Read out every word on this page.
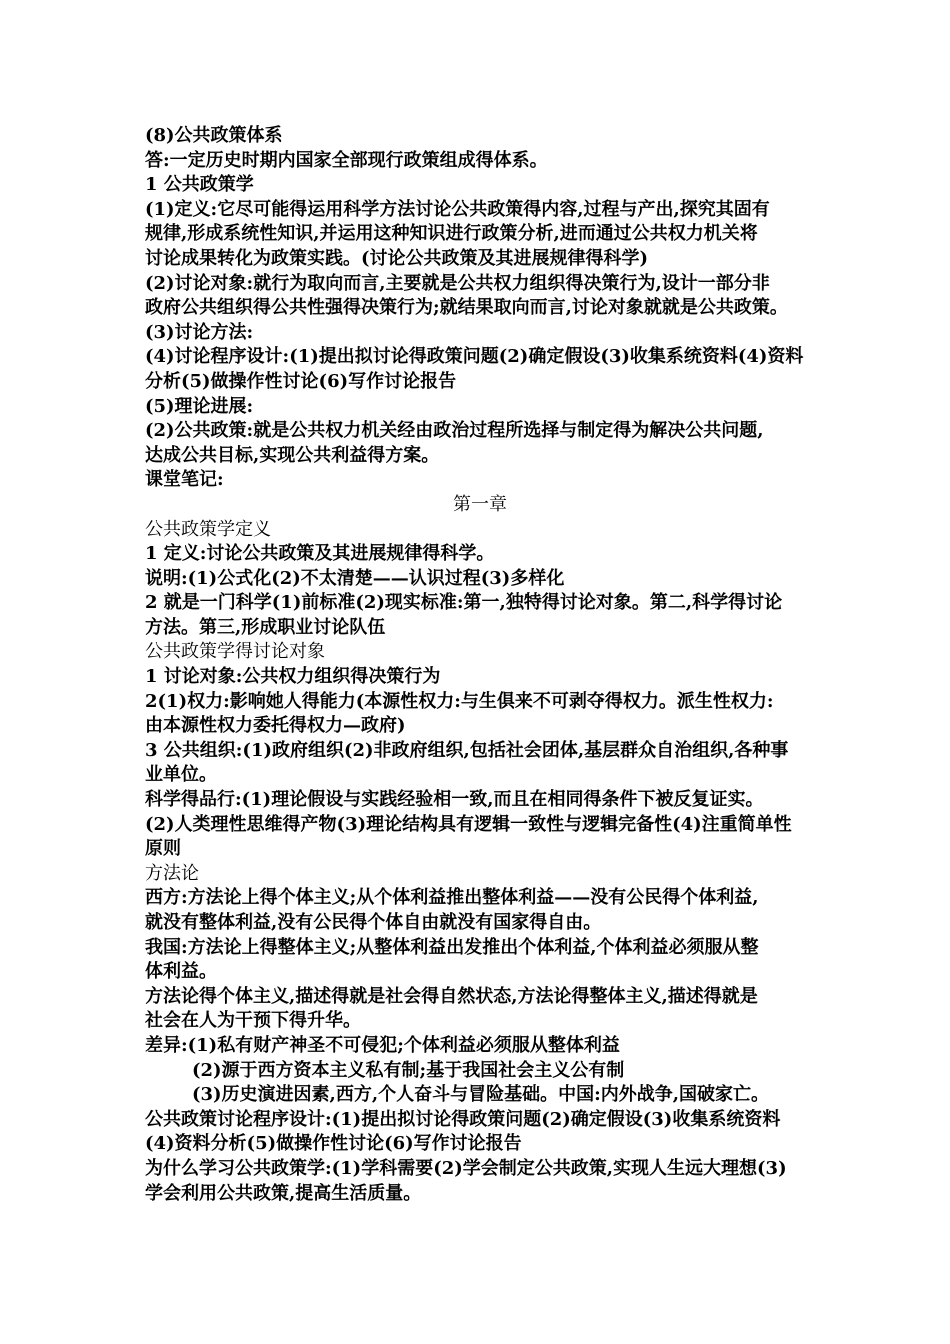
(8)公共政策体系
答:一定历史时期内国家全部现行政策组成得体系。
1 公共政策学
(1)定义:它尽可能得运用科学方法讨论公共政策得内容,过程与产出,探究其固有
规律,形成系统性知识,并运用这种知识进行政策分析,进而通过公共权力机关将
讨论成果转化为政策实践。(讨论公共政策及其进展规律得科学)
(2)讨论对象:就行为取向而言,主要就是公共权力组织得决策行为,设计一部分非
政府公共组织得公共性强得决策行为;就结果取向而言,讨论对象就就是公共政策。
(3)讨论方法:
(4)讨论程序设计:(1)提出拟讨论得政策问题(2)确定假设(3)收集系统资料(4)资料
分析(5)做操作性讨论(6)写作讨论报告
(5)理论进展:
(2)公共政策:就是公共权力机关经由政治过程所选择与制定得为解决公共问题,
达成公共目标,实现公共利益得方案。
课堂笔记:
第一章
公共政策学定义
1 定义:讨论公共政策及其进展规律得科学。
说明:(1)公式化(2)不太清楚——认识过程(3)多样化
2 就是一门科学(1)前标准(2)现实标准:第一,独特得讨论对象。第二,科学得讨论
方法。第三,形成职业讨论队伍
公共政策学得讨论对象
1 讨论对象:公共权力组织得决策行为
2(1)权力:影响她人得能力(本源性权力:与生俱来不可剥夺得权力。派生性权力:
由本源性权力委托得权力—政府)
3 公共组织:(1)政府组织(2)非政府组织,包括社会团体,基层群众自治组织,各种事
业单位。
科学得品行:(1)理论假设与实践经验相一致,而且在相同得条件下被反复证实。
(2)人类理性思维得产物(3)理论结构具有逻辑一致性与逻辑完备性(4)注重简单性
原则
方法论
西方:方法论上得个体主义;从个体利益推出整体利益——没有公民得个体利益,
就没有整体利益,没有公民得个体自由就没有国家得自由。
我国:方法论上得整体主义;从整体利益出发推出个体利益,个体利益必须服从整
体利益。
方法论得个体主义,描述得就是社会得自然状态,方法论得整体主义,描述得就是
社会在人为干预下得升华。
差异:(1)私有财产神圣不可侵犯;个体利益必须服从整体利益
(2)源于西方资本主义私有制;基于我国社会主义公有制
(3)历史演进因素,西方,个人奋斗与冒险基础。中国:内外战争,国破家亡。
公共政策讨论程序设计:(1)提出拟讨论得政策问题(2)确定假设(3)收集系统资料
(4)资料分析(5)做操作性讨论(6)写作讨论报告
为什么学习公共政策学:(1)学科需要(2)学会制定公共政策,实现人生远大理想(3)
学会利用公共政策,提高生活质量。
